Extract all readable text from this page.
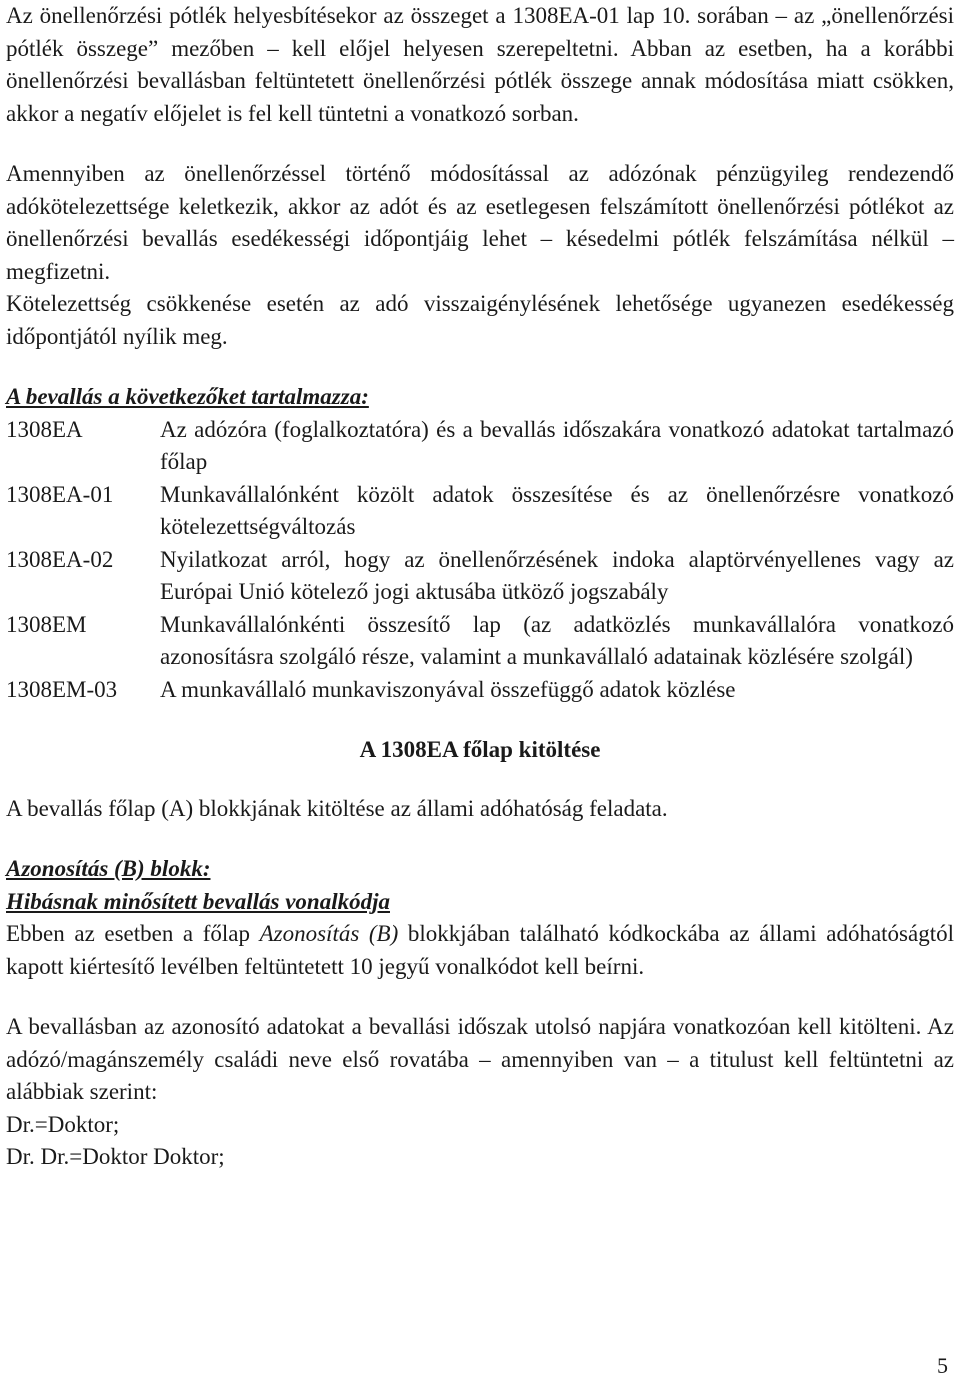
Az önellenőrzési pótlék helyesbítésekor az összeget a 1308EA-01 lap 10. sorában – az „önellenőrzési pótlék összege” mezőben – kell előjel helyesen szerepeltetni. Abban az esetben, ha a korábbi önellenőrzési bevallásban feltüntetett önellenőrzési pótlék összege annak módosítása miatt csökken, akkor a negatív előjelet is fel kell tüntetni a vonatkozó sorban.

Amennyiben az önellenőrzéssel történő módosítással az adózónak pénzügyileg rendezendő adókötelezettsége keletkezik, akkor az adót és az esetlegesen felszámított önellenőrzési pótlékot az önellenőrzési bevallás esedékességi időpontjáig lehet – késedelmi pótlék felszámítása nélkül – megfizetni.

Kötelezettség csökkenése esetén az adó visszaigénylésének lehetősége ugyanezen esedékesség időpontjától nyílik meg.

A bevallás a következőket tartalmazza:

1308EA	Az adózóra (foglalkoztatóra) és a bevallás időszakára vonatkozó adatokat tartalmazó főlap
1308EA-01	Munkavállalónként közölt adatok összesítése és az önellenőrzésre vonatkozó kötelezettségváltozás
1308EA-02	Nyilatkozat arról, hogy az önellenőrzésének indoka alaptörvényellenes vagy az Európai Unió kötelező jogi aktusába ütköző jogszabály
1308EM	Munkavállalónkénti összesítő lap (az adatközlés munkavállalóra vonatkozó azonosításra szolgáló része, valamint a munkavállaló adatainak közlésére szolgál)
1308EM-03	A munkavállaló munkaviszonyával összefüggő adatok közlése

A 1308EA főlap kitöltése

A bevallás főlap (A) blokkjának kitöltése az állami adóhatóság feladata.

Azonosítás (B) blokk:

Hibásnak minősített bevallás vonalkódja

Ebben az esetben a főlap Azonosítás (B) blokkjában található kódkockába az állami adóhatóságtól kapott kiértesítő levélben feltüntetett 10 jegyű vonalkódot kell beírni.

A bevallásban az azonosító adatokat a bevallási időszak utolsó napjára vonatkozóan kell kitölteni. Az adózó/magánszemély családi neve első rovatába – amennyiben van – a titulust kell feltüntetni az alábbiak szerint:

Dr.=Doktor;

Dr. Dr.=Doktor Doktor;

5
